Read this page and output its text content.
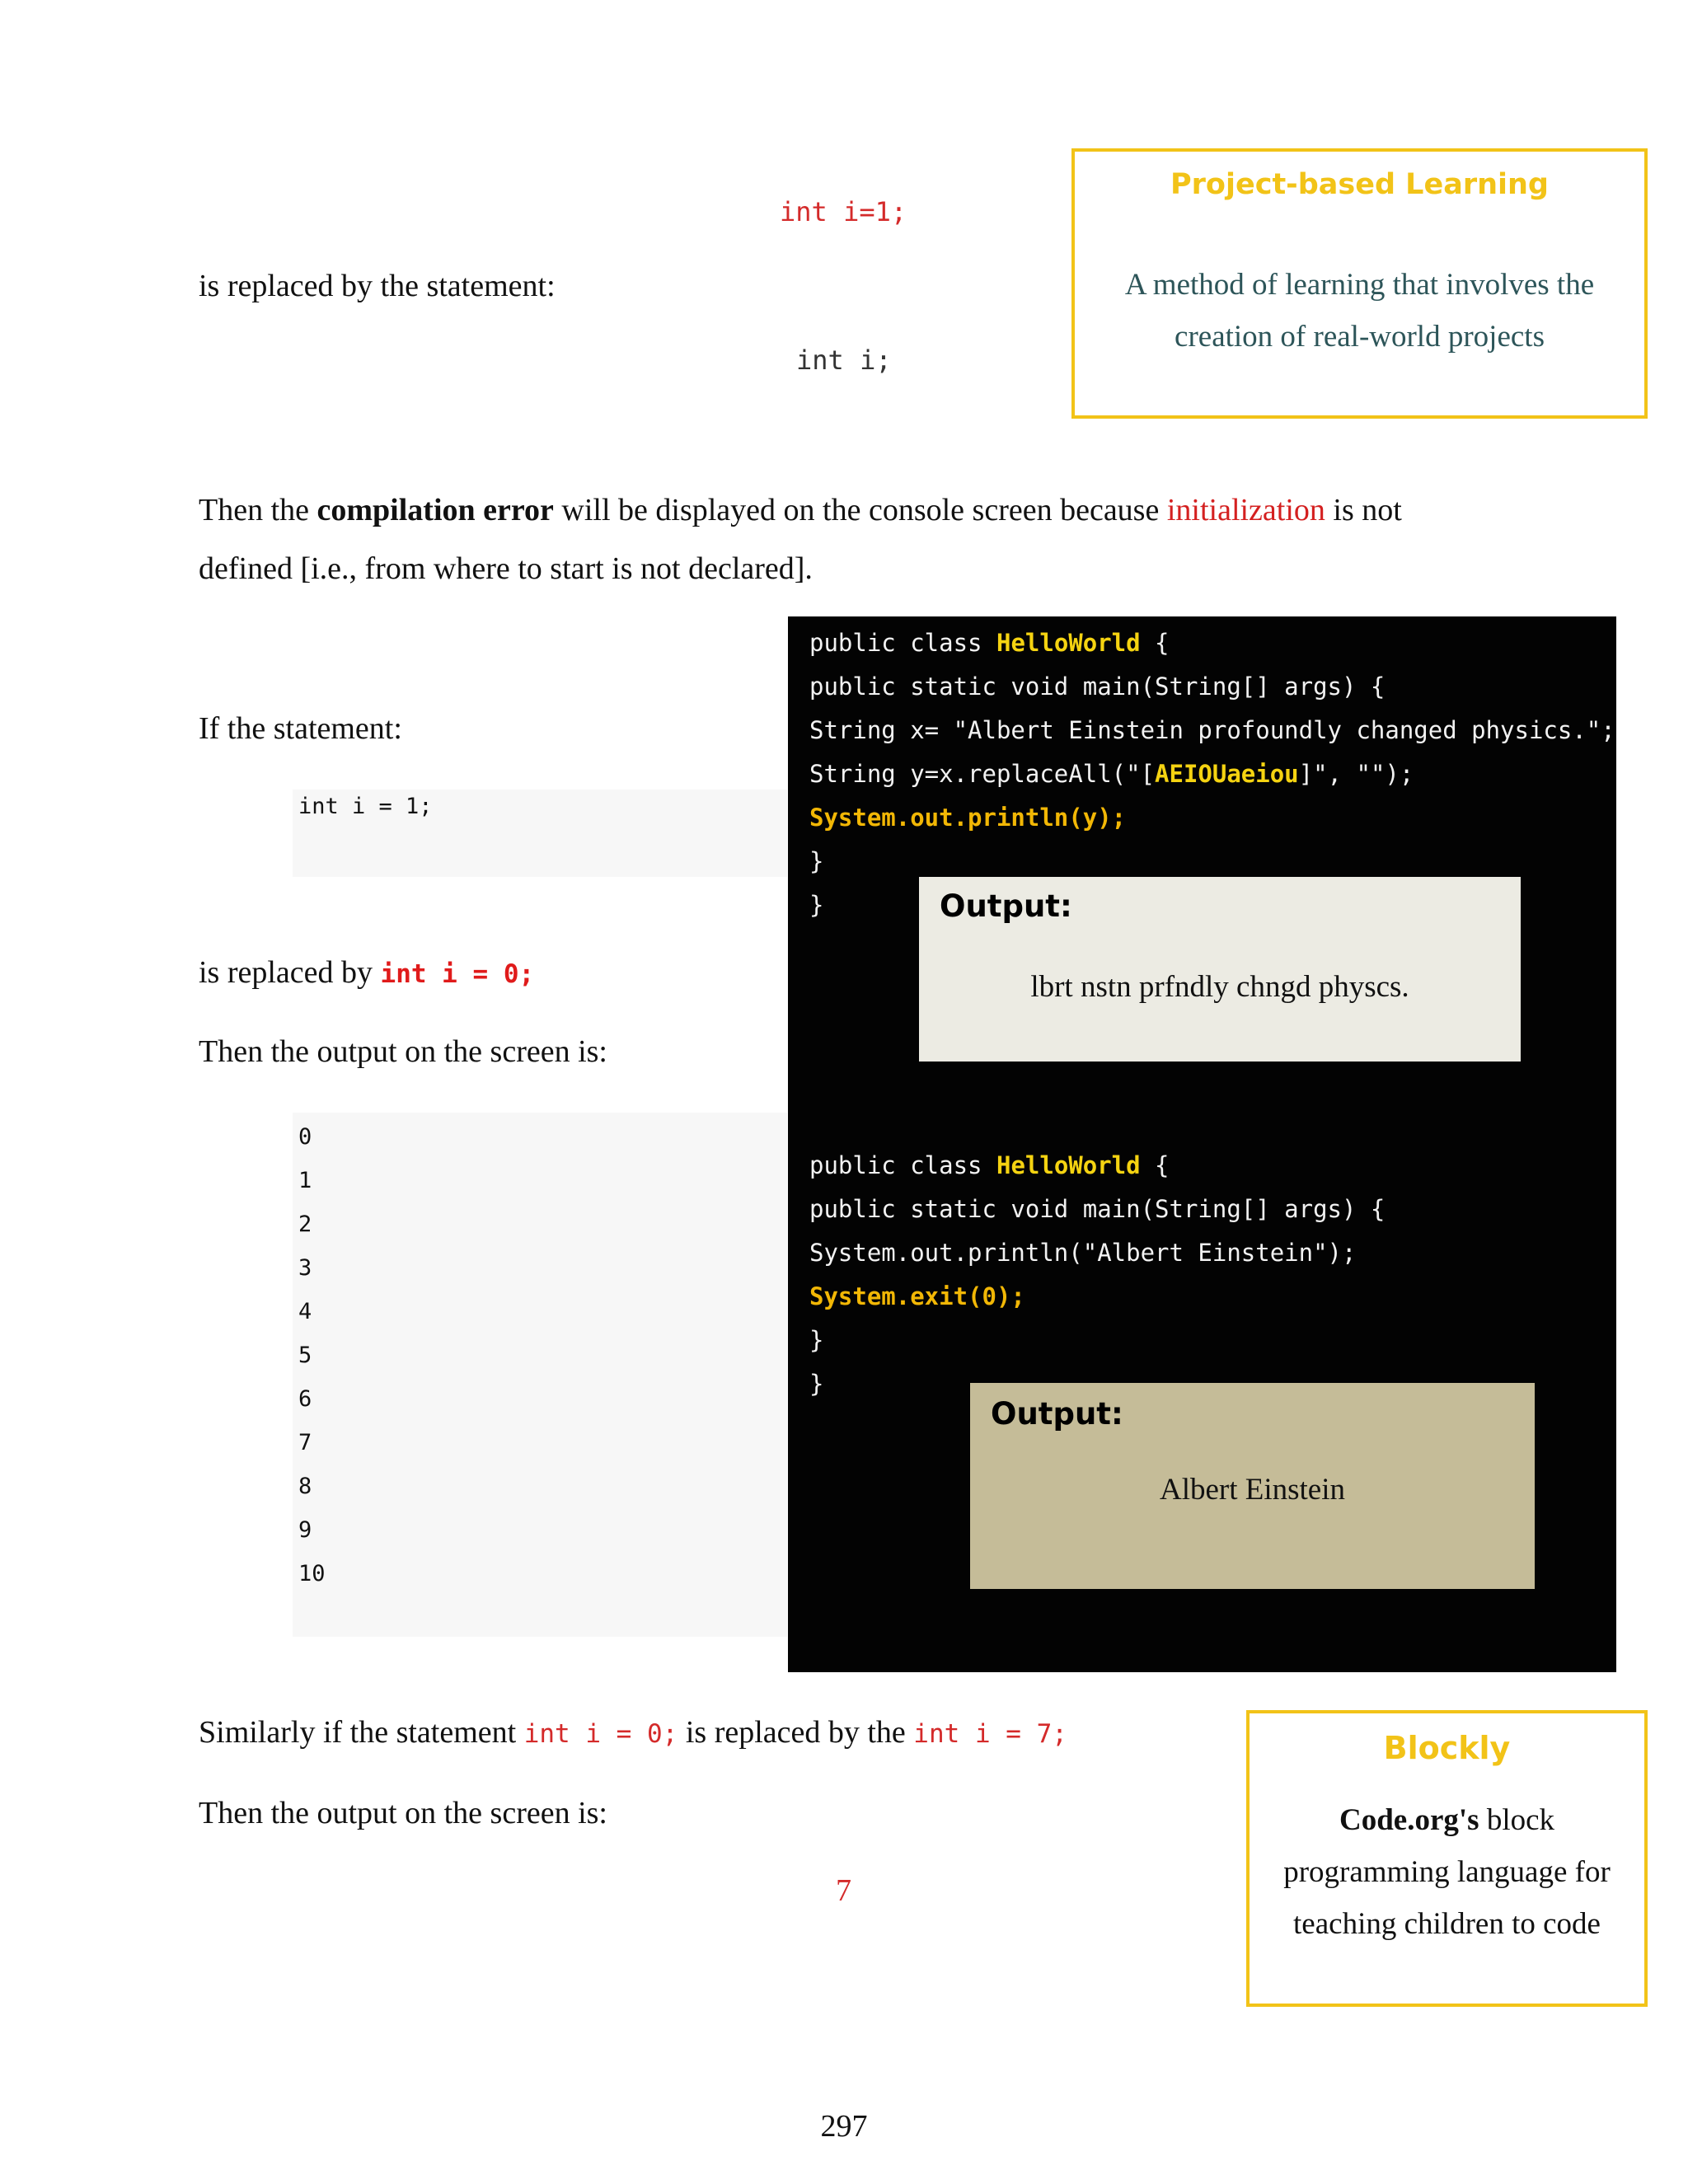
int i=1;
is replaced by the statement:
int i;
Project-based Learning
A method of learning that involves the
creation of real-world projects
Then the compilation error will be displayed on the console screen because initialization is not
defined [i.e., from where to start is not declared].
If the statement:
int i = 1;
is replaced by int i = 0;
Then the output on the screen is:
0
1
2
3
4
5
6
7
8
9
10
public class HelloWorld {
public static void main(String[] args) {
String x= "Albert Einstein profoundly changed physics.";
String y=x.replaceAll("[AEIOUaeiou]", "");
System.out.println(y);
}
}	Output:
lbrt nstn prfndly chngd physcs.
public class HelloWorld {
public static void main(String[] args) {
System.out.println("Albert Einstein");
System.exit(0);
}
}
Output:
Albert Einstein
Similarly if the statement int i = 0; is replaced by the int i = 7;
Then the output on the screen is:
7
Blockly
Code.org's block
programming language for
teaching children to code
297
